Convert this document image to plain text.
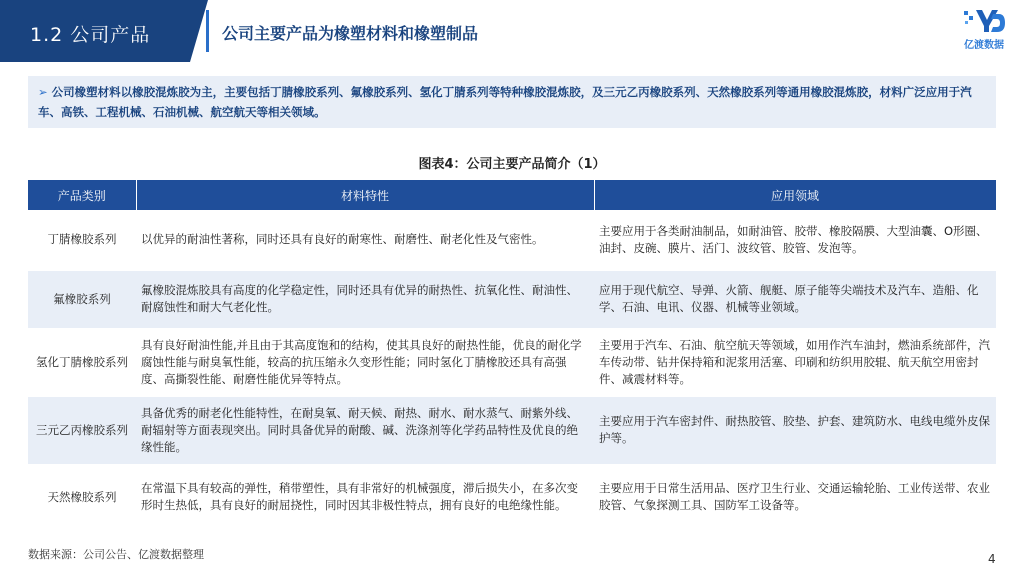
1.2 公司产品	公司主要产品为橡塑材料和橡塑制品
亿渡数据

➢ 公司橡塑材料以橡胶混炼胶为主，主要包括丁腈橡胶系列、氟橡胶系列、氢化丁腈系列等特种橡胶混炼胶，及三元乙丙橡胶系列、天然橡胶系列等通用橡胶混炼胶，材料广泛应用于汽车、高铁、工程机械、石油机械、航空航天等相关领域。

图表4：公司主要产品简介（1）
产品类别	材料特性	应用领域
丁腈橡胶系列	以优异的耐油性著称，同时还具有良好的耐寒性、耐磨性、耐老化性及气密性。	主要应用于各类耐油制品，如耐油管、胶带、橡胶隔膜、大型油囊、O形圈、油封、皮碗、膜片、活门、波纹管、胶管、发泡等。
氟橡胶系列	氟橡胶混炼胶具有高度的化学稳定性，同时还具有优异的耐热性、抗氧化性、耐油性、耐腐蚀性和耐大气老化性。	应用于现代航空、导弹、火箭、舰艇、原子能等尖端技术及汽车、造船、化学、石油、电讯、仪器、机械等业领域。
氢化丁腈橡胶系列	具有良好耐油性能,并且由于其高度饱和的结构，使其具良好的耐热性能，优良的耐化学腐蚀性能与耐臭氧性能，较高的抗压缩永久变形性能；同时氢化丁腈橡胶还具有高强度、高撕裂性能、耐磨性能优异等特点。	主要用于汽车、石油、航空航天等领域，如用作汽车油封，燃油系统部件，汽车传动带、钻井保持箱和泥浆用活塞、印刷和纺织用胶辊、航天航空用密封件、减震材料等。
三元乙丙橡胶系列	具备优秀的耐老化性能特性，在耐臭氧、耐天候、耐热、耐水、耐水蒸气、耐紫外线、耐辐射等方面表现突出。同时具备优异的耐酸、碱、洗涤剂等化学药品特性及优良的绝缘性能。	主要应用于汽车密封件、耐热胶管、胶垫、护套、建筑防水、电线电缆外皮保护等。
天然橡胶系列	在常温下具有较高的弹性，稍带塑性，具有非常好的机械强度，滞后损失小，在多次变形时生热低，具有良好的耐屈挠性，同时因其非极性特点，拥有良好的电绝缘性能。	主要应用于日常生活用品、医疗卫生行业、交通运输轮胎、工业传送带、农业胶管、气象探测工具、国防军工设备等。
数据来源：公司公告、亿渡数据整理	4
